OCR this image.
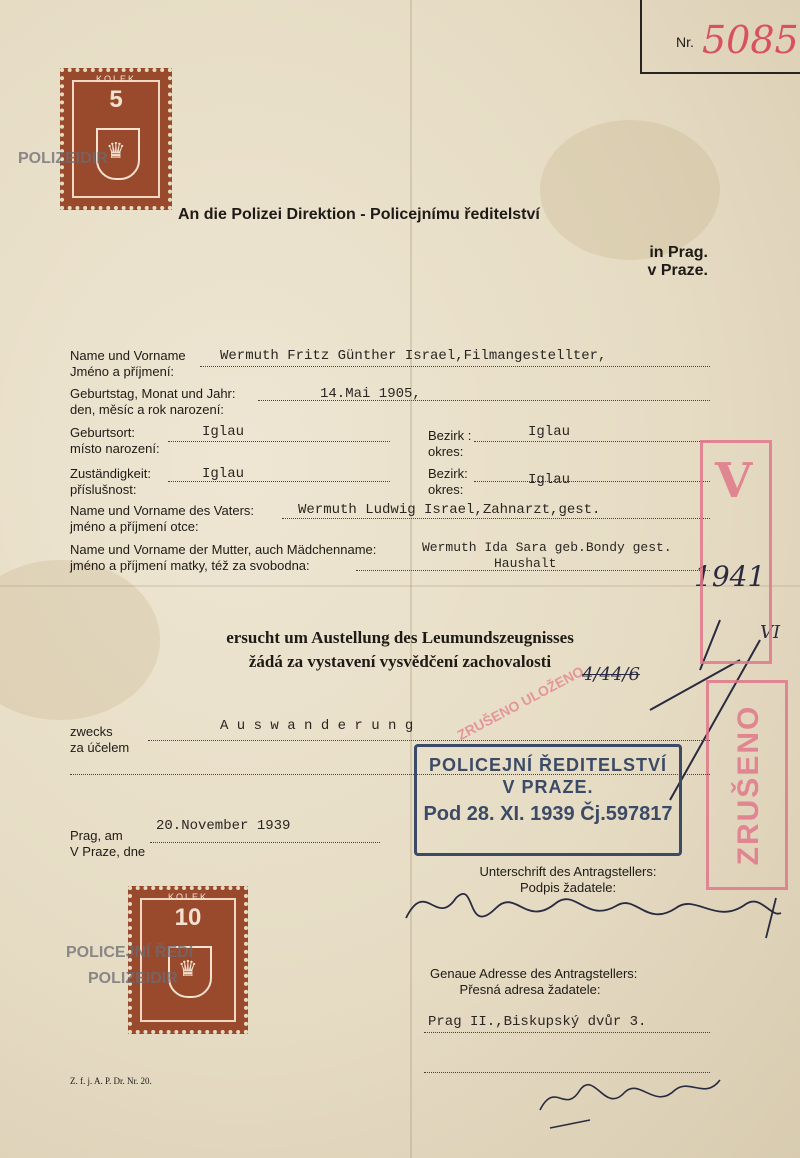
Nr. 5085
KOLEK
5
♛
POLIZEIDIR
An die Polizei Direktion - Policejnímu ředitelství
in Prag.
v Praze.
Name und Vorname
Jméno a příjmení:
Wermuth Fritz Günther Israel,Filmangestellter,
Geburtstag, Monat und Jahr:
den, měsíc a rok narození:
14.Mai 1905,
Geburtsort:
místo narození:
Iglau	Bezirk :
okres:
Iglau
Zuständigkeit:
příslušnost:
Iglau	Bezirk:
okres:
Iglau
Name und Vorname des Vaters:
jméno a příjmení otce:
Wermuth Ludwig Israel,Zahnarzt,gest.
Name und Vorname der Mutter, auch Mädchenname:
jméno a příjmení matky, též za svobodna:
Wermuth Ida Sara geb.Bondy gest.
Haushalt	1941
4/44/6
VI
V
ZRUŠENO
ZRUŠENO ULOŽENO
ersucht um Austellung des Leumundszeugnisses
žádá za vystavení vysvědčení zachovalosti
zwecks
za účelem
A u s w a n d e r u n g
POLICEJNÍ ŘEDITELSTVÍ
V PRAZE.
Pod 28. XI. 1939 Čj.597817
Prag, am
V Praze, dne
20.November 1939
Unterschrift des Antragstellers:
Podpis žadatele:
KOLEK
10
♛
POLICEJNÍ ŘEDI
POLIZEIDIR	Genaue Adresse des Antragstellers:
Přesná adresa žadatele:
Prag II.,Biskupský dvůr 3.
Z. f. j. A. P. Dr. Nr. 20.
